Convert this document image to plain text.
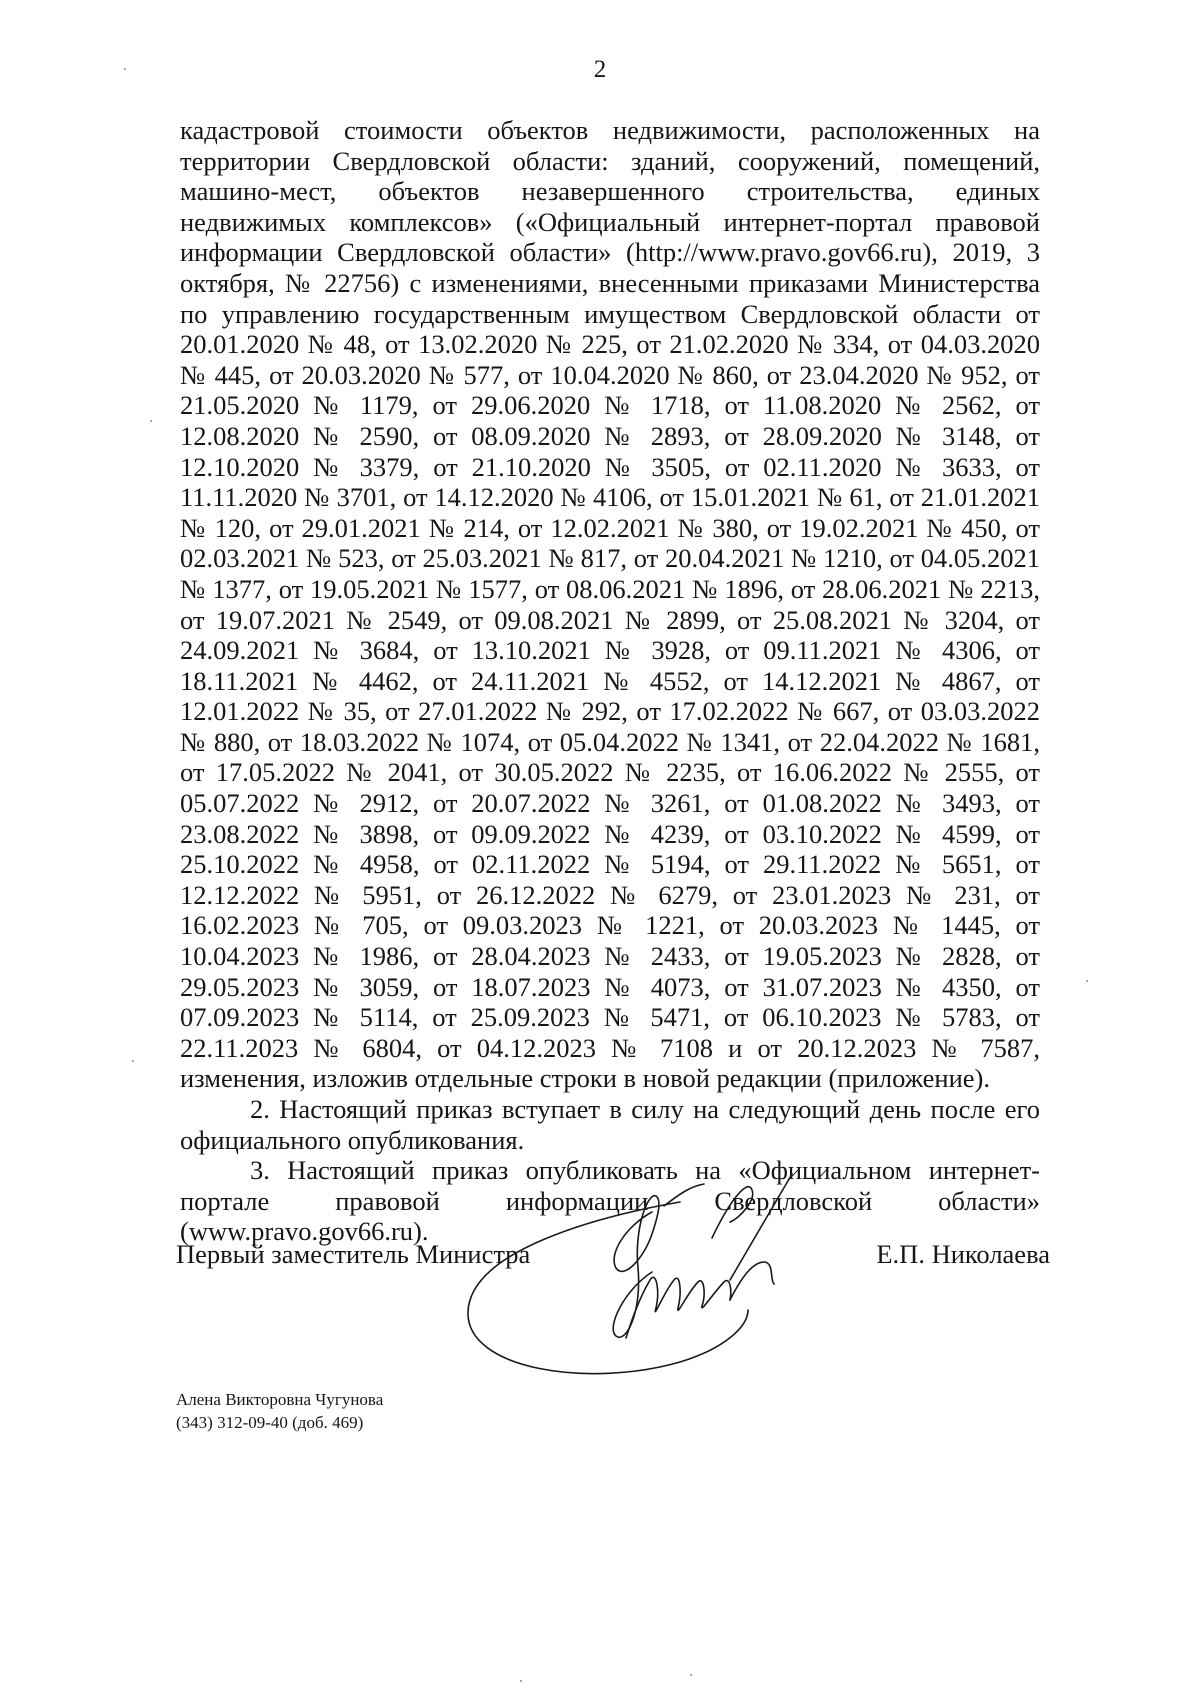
2

кадастровой стоимости объектов недвижимости, расположенных на территории Свердловской области: зданий, сооружений, помещений, машино-мест, объектов незавершенного строительства, единых недвижимых комплексов» («Официальный интернет-портал правовой информации Свердловской области» (http://www.pravo.gov66.ru), 2019, 3 октября, № 22756) с изменениями, внесенными приказами Министерства по управлению государственным имуществом Свердловской области от 20.01.2020 № 48, от 13.02.2020 № 225, от 21.02.2020 № 334, от 04.03.2020 № 445, от 20.03.2020 № 577, от 10.04.2020 № 860, от 23.04.2020 № 952, от 21.05.2020 № 1179, от 29.06.2020 № 1718, от 11.08.2020 № 2562, от 12.08.2020 № 2590, от 08.09.2020 № 2893, от 28.09.2020 № 3148, от 12.10.2020 № 3379, от 21.10.2020 № 3505, от 02.11.2020 № 3633, от 11.11.2020 № 3701, от 14.12.2020 № 4106, от 15.01.2021 № 61, от 21.01.2021 № 120, от 29.01.2021 № 214, от 12.02.2021 № 380, от 19.02.2021 № 450, от 02.03.2021 № 523, от 25.03.2021 № 817, от 20.04.2021 № 1210, от 04.05.2021 № 1377, от 19.05.2021 № 1577, от 08.06.2021 № 1896, от 28.06.2021 № 2213, от 19.07.2021 № 2549, от 09.08.2021 № 2899, от 25.08.2021 № 3204, от 24.09.2021 № 3684, от 13.10.2021 № 3928, от 09.11.2021 № 4306, от 18.11.2021 № 4462, от 24.11.2021 № 4552, от 14.12.2021 № 4867, от 12.01.2022 № 35, от 27.01.2022 № 292, от 17.02.2022 № 667, от 03.03.2022 № 880, от 18.03.2022 № 1074, от 05.04.2022 № 1341, от 22.04.2022 № 1681, от 17.05.2022 № 2041, от 30.05.2022 № 2235, от 16.06.2022 № 2555, от 05.07.2022 № 2912, от 20.07.2022 № 3261, от 01.08.2022 № 3493, от 23.08.2022 № 3898, от 09.09.2022 № 4239, от 03.10.2022 № 4599, от 25.10.2022 № 4958, от 02.11.2022 № 5194, от 29.11.2022 № 5651, от 12.12.2022 № 5951, от 26.12.2022 № 6279, от 23.01.2023 № 231, от 16.02.2023 № 705, от 09.03.2023 № 1221, от 20.03.2023 № 1445, от 10.04.2023 № 1986, от 28.04.2023 № 2433, от 19.05.2023 № 2828, от 29.05.2023 № 3059, от 18.07.2023 № 4073, от 31.07.2023 № 4350, от 07.09.2023 № 5114, от 25.09.2023 № 5471, от 06.10.2023 № 5783, от 22.11.2023 № 6804, от 04.12.2023 № 7108 и от 20.12.2023 № 7587, изменения, изложив отдельные строки в новой редакции (приложение).

2. Настоящий приказ вступает в силу на следующий день после его официального опубликования.

3. Настоящий приказ опубликовать на «Официальном интернет-портале правовой информации Свердловской области» (www.pravo.gov66.ru).

Первый заместитель Министра	Е.П. Николаева
Алена Викторовна Чугунова
(343) 312-09-40 (доб. 469)
